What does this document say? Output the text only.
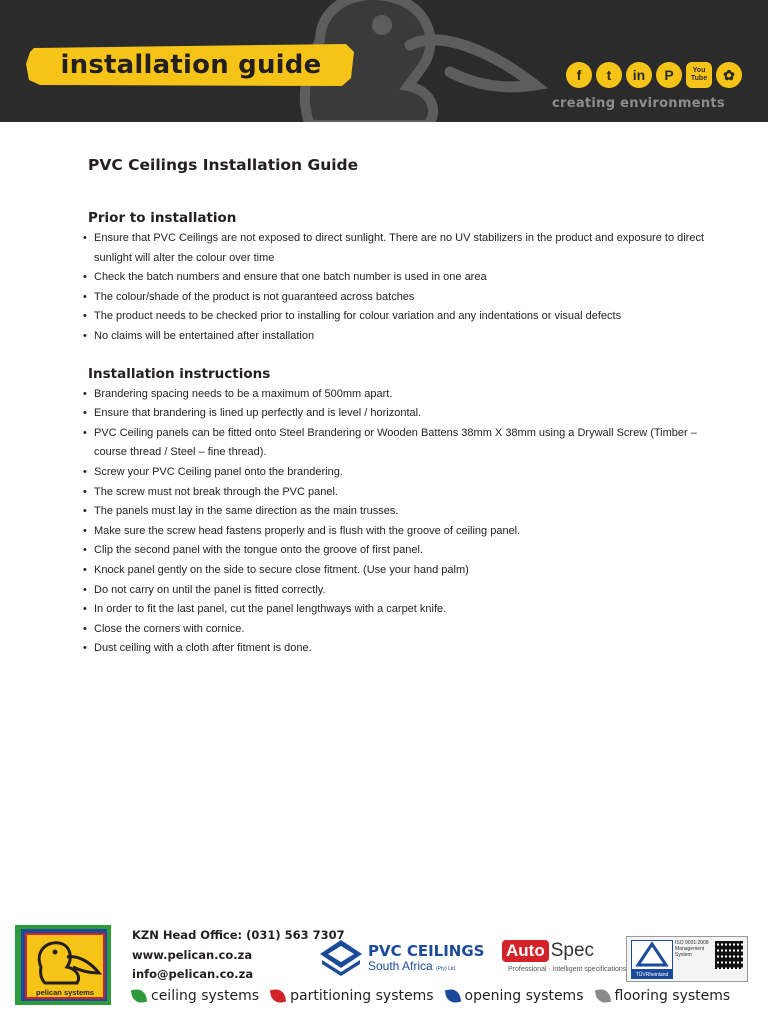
installation guide	f	t	in	P	You Tube	✿
creating environments
PVC Ceilings Installation Guide
Prior to installation
• Ensure that PVC Ceilings are not exposed to direct sunlight. There are no UV stabilizers in the product and exposure to direct sunlight will alter the colour over time
• Check the batch numbers and ensure that one batch number is used in one area
• The colour/shade of the product is not guaranteed across batches
• The product needs to be checked prior to installing for colour variation and any indentations or visual defects
• No claims will be entertained after installation
Installation instructions
• Brandering spacing needs to be a maximum of 500mm apart.
• Ensure that brandering is lined up perfectly and is level / horizontal.
• PVC Ceiling panels can be fitted onto Steel Brandering or Wooden Battens 38mm X 38mm using a Drywall Screw (Timber – course thread / Steel – fine thread).
• Screw your PVC Ceiling panel onto the brandering.
• The screw must not break through the PVC panel.
• The panels must lay in the same direction as the main trusses.
• Make sure the screw head fastens properly and is flush with the groove of ceiling panel.
• Clip the second panel with the tongue onto the groove of first panel.
• Knock panel gently on the side to secure close fitment. (Use your hand palm)
• Do not carry on until the panel is fitted correctly.
• In order to fit the last panel, cut the panel lengthways with a carpet knife.
• Close the corners with cornice.
• Dust ceiling with a cloth after fitment is done.
pelican systems
KZN Head Office: (031) 563 7307
www.pelican.co.za
info@pelican.co.za
PVC CEILINGS
South Africa (Pty) Ltd.
Auto Spec
Professional · intelligent specifications
TÜVRheinland
ISO 9001:2008
Management
System
ceiling systems partitioning systems opening systems flooring systems
